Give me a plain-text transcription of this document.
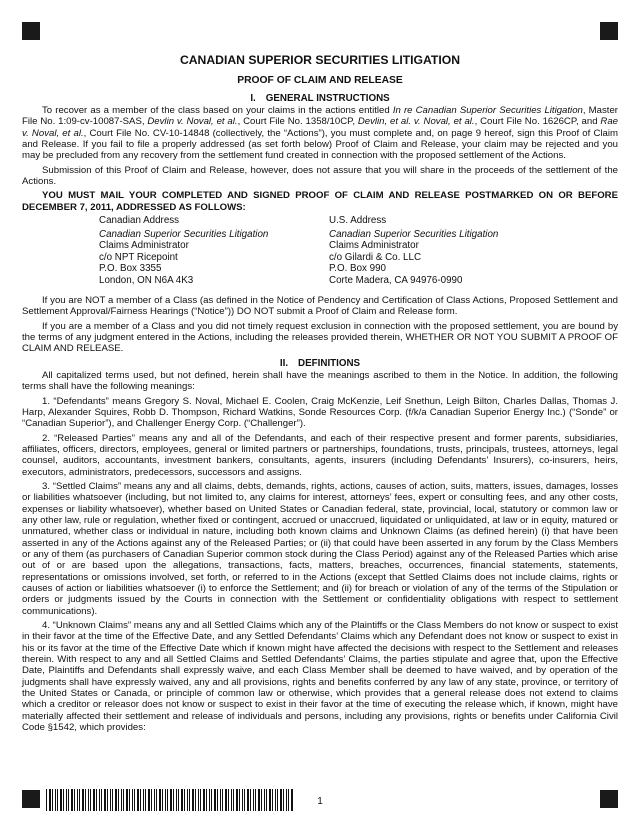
CANADIAN SUPERIOR SECURITIES LITIGATION
PROOF OF CLAIM AND RELEASE
I. GENERAL INSTRUCTIONS

To recover as a member of the class based on your claims in the actions entitled In re Canadian Superior Securities Litigation, Master File No. 1:09-cv-10087-SAS, Devlin v. Noval, et al., Court File No. 1358/10CP, Devlin, et al. v. Noval, et al., Court File No. 1626CP, and Rae v. Noval, et al., Court File No. CV-10-14848 (collectively, the “Actions”), you must complete and, on page 9 hereof, sign this Proof of Claim and Release. If you fail to file a properly addressed (as set forth below) Proof of Claim and Release, your claim may be rejected and you may be precluded from any recovery from the settlement fund created in connection with the proposed settlement of the Actions.

Submission of this Proof of Claim and Release, however, does not assure that you will share in the proceeds of the settlement of the Actions.

YOU MUST MAIL YOUR COMPLETED AND SIGNED PROOF OF CLAIM AND RELEASE POSTMARKED ON OR BEFORE DECEMBER 7, 2011, ADDRESSED AS FOLLOWS:

Canadian Address
Canadian Superior Securities Litigation
Claims Administrator
c/o NPT Ricepoint
P.O. Box 3355
London, ON N6A 4K3
U.S. Address
Canadian Superior Securities Litigation
Claims Administrator
c/o Gilardi & Co. LLC
P.O. Box 990
Corte Madera, CA 94976-0990

If you are NOT a member of a Class (as defined in the Notice of Pendency and Certification of Class Actions, Proposed Settlement and Settlement Approval/Fairness Hearings (“Notice”)) DO NOT submit a Proof of Claim and Release form.

If you are a member of a Class and you did not timely request exclusion in connection with the proposed settlement, you are bound by the terms of any judgment entered in the Actions, including the releases provided therein, WHETHER OR NOT YOU SUBMIT A PROOF OF CLAIM AND RELEASE.

II. DEFINITIONS

All capitalized terms used, but not defined, herein shall have the meanings ascribed to them in the Notice. In addition, the following terms shall have the following meanings:

1. “Defendants” means Gregory S. Noval, Michael E. Coolen, Craig McKenzie, Leif Snethun, Leigh Bilton, Charles Dallas, Thomas J. Harp, Alexander Squires, Robb D. Thompson, Richard Watkins, Sonde Resources Corp. (f/k/a Canadian Superior Energy Inc.) (“Sonde” or “Canadian Superior”), and Challenger Energy Corp. (“Challenger”).

2. “Released Parties” means any and all of the Defendants, and each of their respective present and former parents, subsidiaries, affiliates, officers, directors, employees, general or limited partners or partnerships, foundations, trusts, principals, trustees, attorneys, legal counsel, auditors, accountants, investment bankers, consultants, agents, insurers (including Defendants’ Insurers), co-insurers, heirs, executors, administrators, predecessors, successors and assigns.

3. “Settled Claims” means any and all claims, debts, demands, rights, actions, causes of action, suits, matters, issues, damages, losses or liabilities whatsoever (including, but not limited to, any claims for interest, attorneys’ fees, expert or consulting fees, and any other costs, expenses or liability whatsoever), whether based on United States or Canadian federal, state, provincial, local, statutory or common law or any other law, rule or regulation, whether fixed or contingent, accrued or unaccrued, liquidated or unliquidated, at law or in equity, matured or unmatured, whether class or individual in nature, including both known claims and Unknown Claims (as defined herein) (i) that have been asserted in any of the Actions against any of the Released Parties; or (ii) that could have been asserted in any forum by the Class Members or any of them (as purchasers of Canadian Superior common stock during the Class Period) against any of the Released Parties which arise out of or are based upon the allegations, transactions, facts, matters, breaches, occurrences, financial statements, statements, representations or omissions involved, set forth, or referred to in the Actions (except that Settled Claims does not include claims, rights or causes of action or liabilities whatsoever (i) to enforce the Settlement; and (ii) for breach or violation of any of the terms of the Stipulation or orders or judgments issued by the Courts in connection with the Settlement or confidentiality obligations with respect to settlement communications).

4. “Unknown Claims” means any and all Settled Claims which any of the Plaintiffs or the Class Members do not know or suspect to exist in their favor at the time of the Effective Date, and any Settled Defendants’ Claims which any Defendant does not know or suspect to exist in his or its favor at the time of the Effective Date which if known might have affected the decisions with respect to the Settlement and releases therein. With respect to any and all Settled Claims and Settled Defendants’ Claims, the parties stipulate and agree that, upon the Effective Date, Plaintiffs and Defendants shall expressly waive, and each Class Member shall be deemed to have waived, and by operation of the judgments shall have expressly waived, any and all provisions, rights and benefits conferred by any law of any state, province, or territory of the United States or Canada, or principle of common law or otherwise, which provides that a general release does not extend to claims which a creditor or releasor does not know or suspect to exist in their favor at the time of executing the release which, if known, might have materially affected their settlement and release of individuals and persons, including any provisions, rights or benefits under California Civil Code §1542, which provides:

1
